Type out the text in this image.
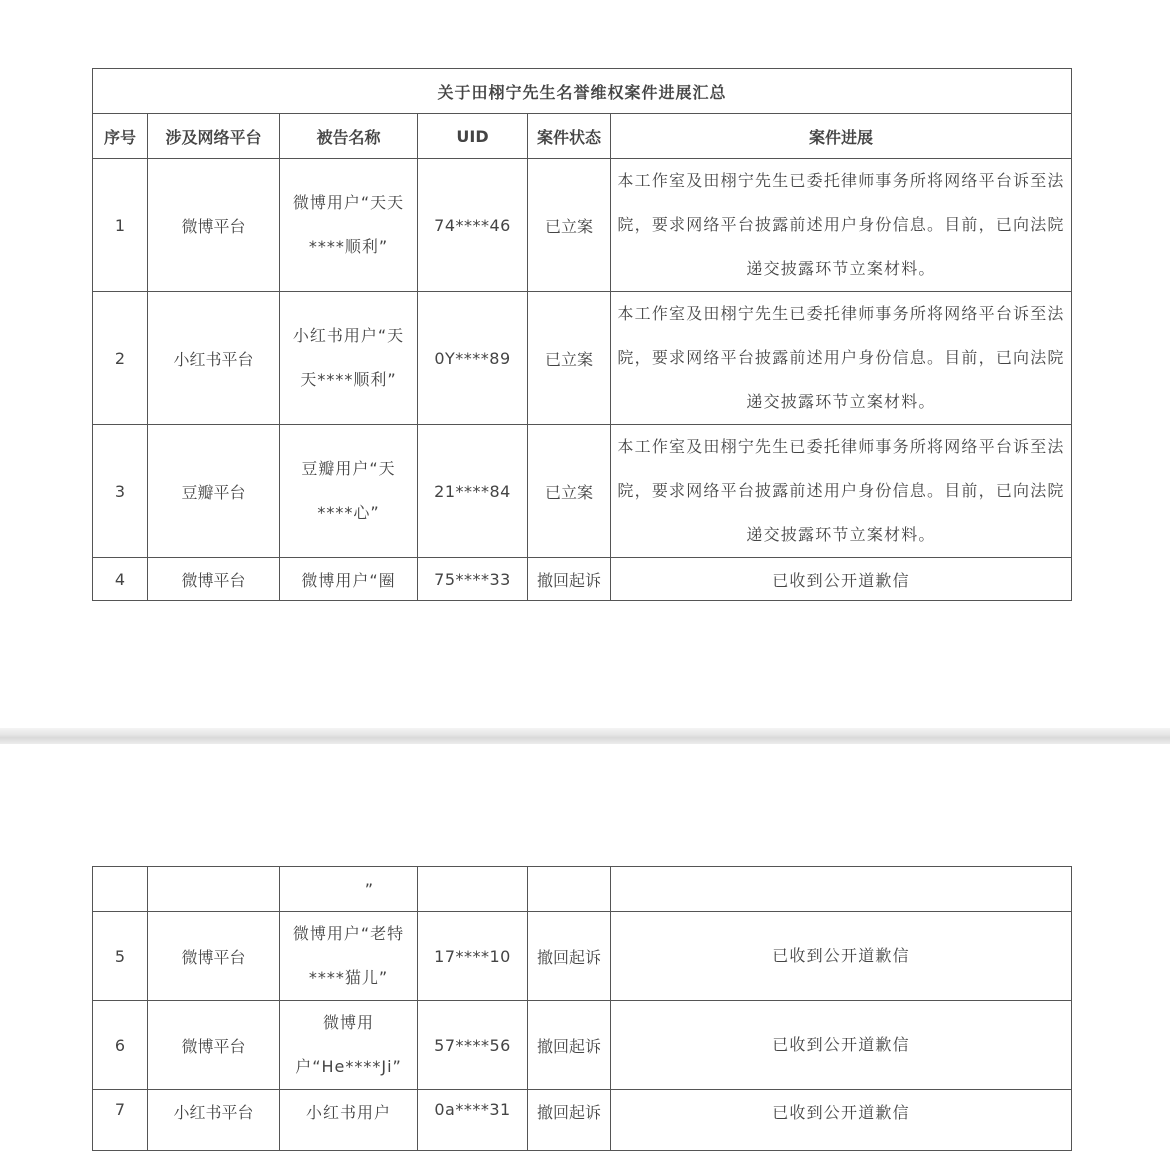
关于田栩宁先生名誉维权案件进展汇总					
序号	涉及网络平台	被告名称	UID	案件状态	案件进展
1	微博平台	微博用户“天天****顺利”	74****46	已立案	本工作室及田栩宁先生已委托律师事务所将网络平台诉至法院，要求网络平台披露前述用户身份信息。目前，已向法院递交披露环节立案材料。
2	小红书平台	小红书用户“天天****顺利”	0Y****89	已立案	本工作室及田栩宁先生已委托律师事务所将网络平台诉至法院，要求网络平台披露前述用户身份信息。目前，已向法院递交披露环节立案材料。
3	豆瓣平台	豆瓣用户“天****心”	21****84	已立案	本工作室及田栩宁先生已委托律师事务所将网络平台诉至法院，要求网络平台披露前述用户身份信息。目前，已向法院递交披露环节立案材料。
4	微博平台	微博用户“圈	75****33	撤回起诉	已收到公开道歉信
		​        ”			
5	微博平台	微博用户“老特****猫儿”	17****10	撤回起诉	已收到公开道歉信
6	微博平台	微博用户“He****Ji”	57****56	撤回起诉	已收到公开道歉信
7	小红书平台	小红书用户	0a****31	撤回起诉	已收到公开道歉信
